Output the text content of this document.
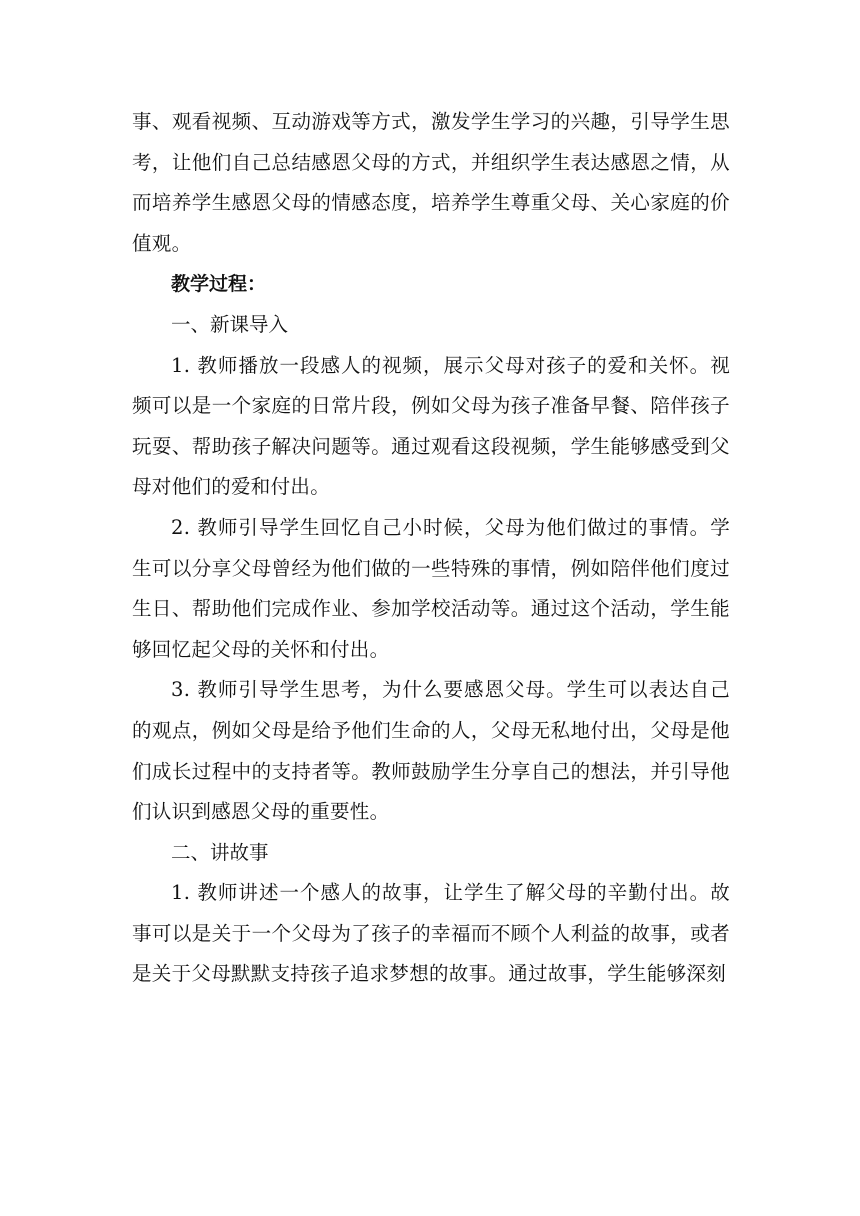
事、观看视频、互动游戏等方式，激发学生学习的兴趣，引导学生思考，让他们自己总结感恩父母的方式，并组织学生表达感恩之情，从而培养学生感恩父母的情感态度，培养学生尊重父母、关心家庭的价值观。

教学过程：

一、新课导入

1. 教师播放一段感人的视频，展示父母对孩子的爱和关怀。视频可以是一个家庭的日常片段，例如父母为孩子准备早餐、陪伴孩子玩耍、帮助孩子解决问题等。通过观看这段视频，学生能够感受到父母对他们的爱和付出。

2. 教师引导学生回忆自己小时候，父母为他们做过的事情。学生可以分享父母曾经为他们做的一些特殊的事情，例如陪伴他们度过生日、帮助他们完成作业、参加学校活动等。通过这个活动，学生能够回忆起父母的关怀和付出。

3. 教师引导学生思考，为什么要感恩父母。学生可以表达自己的观点，例如父母是给予他们生命的人，父母无私地付出，父母是他们成长过程中的支持者等。教师鼓励学生分享自己的想法，并引导他们认识到感恩父母的重要性。

二、讲故事

1. 教师讲述一个感人的故事，让学生了解父母的辛勤付出。故事可以是关于一个父母为了孩子的幸福而不顾个人利益的故事，或者是关于父母默默支持孩子追求梦想的故事。通过故事，学生能够深刻
